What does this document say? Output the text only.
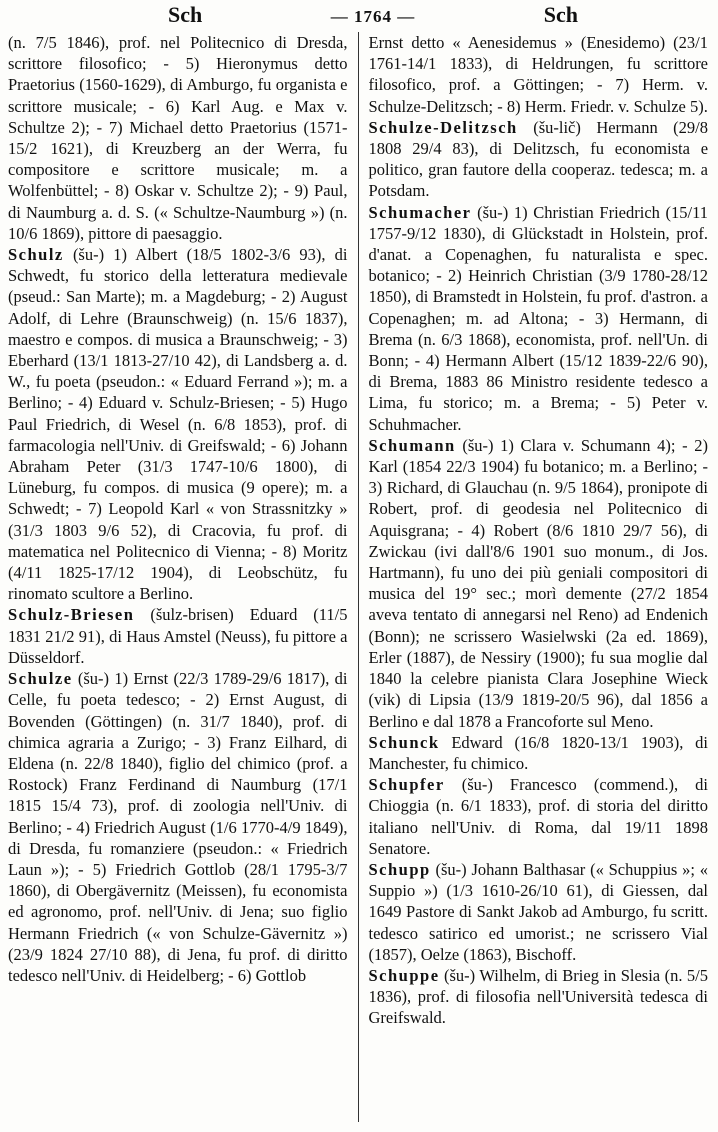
Sch	— 1764 —	Sch

(n. 7/5 1846), prof. nel Politecnico di Dresda, scrittore filosofico; - 5) Hieronymus detto Praetorius (1560-1629), di Amburgo, fu organista e scrittore musicale; - 6) Karl Aug. e Max v. Schultze 2); - 7) Michael detto Praetorius (1571-15/2 1621), di Kreuzberg an der Werra, fu compositore e scrittore musicale; m. a Wolfenbüttel; - 8) Oskar v. Schultze 2); - 9) Paul, di Naumburg a. d. S. (« Schultze-Naumburg ») (n. 10/6 1869), pittore di paesaggio.

Schulz (šu-) 1) Albert (18/5 1802-3/6 93), di Schwedt, fu storico della letteratura medievale (pseud.: San Marte); m. a Magdeburg; - 2) August Adolf, di Lehre (Braunschweig) (n. 15/6 1837), maestro e compos. di musica a Braunschweig; - 3) Eberhard (13/1 1813-27/10 42), di Landsberg a. d. W., fu poeta (pseudon.: « Eduard Ferrand »); m. a Berlino; - 4) Eduard v. Schulz-Briesen; - 5) Hugo Paul Friedrich, di Wesel (n. 6/8 1853), prof. di farmacologia nell'Univ. di Greifswald; - 6) Johann Abraham Peter (31/3 1747-10/6 1800), di Lüneburg, fu compos. di musica (9 opere); m. a Schwedt; - 7) Leopold Karl « von Strassnitzky » (31/3 1803 9/6 52), di Cracovia, fu prof. di matematica nel Politecnico di Vienna; - 8) Moritz (4/11 1825-17/12 1904), di Leobschütz, fu rinomato scultore a Berlino.

Schulz-Briesen (šulz-brisen) Eduard (11/5 1831 21/2 91), di Haus Amstel (Neuss), fu pittore a Düsseldorf.

Schulze (šu-) 1) Ernst (22/3 1789-29/6 1817), di Celle, fu poeta tedesco; - 2) Ernst August, di Bovenden (Göttingen) (n. 31/7 1840), prof. di chimica agraria a Zurigo; - 3) Franz Eilhard, di Eldena (n. 22/8 1840), figlio del chimico (prof. a Rostock) Franz Ferdinand di Naumburg (17/1 1815 15/4 73), prof. di zoologia nell'Univ. di Berlino; - 4) Friedrich August (1/6 1770-4/9 1849), di Dresda, fu romanziere (pseudon.: « Friedrich Laun »); - 5) Friedrich Gottlob (28/1 1795-3/7 1860), di Obergävernitz (Meissen), fu economista ed agronomo, prof. nell'Univ. di Jena; suo figlio Hermann Friedrich (« von Schulze-Gävernitz ») (23/9 1824 27/10 88), di Jena, fu prof. di diritto tedesco nell'Univ. di Heidelberg; - 6) Gottlob

Ernst detto « Aenesidemus » (Enesidemo) (23/1 1761-14/1 1833), di Heldrungen, fu scrittore filosofico, prof. a Göttingen; - 7) Herm. v. Schulze-Delitzsch; - 8) Herm. Friedr. v. Schulze 5).

Schulze-Delitzsch (šu-lič) Hermann (29/8 1808 29/4 83), di Delitzsch, fu economista e politico, gran fautore della cooperaz. tedesca; m. a Potsdam.

Schumacher (šu-) 1) Christian Friedrich (15/11 1757-9/12 1830), di Glückstadt in Holstein, prof. d'anat. a Copenaghen, fu naturalista e spec. botanico; - 2) Heinrich Christian (3/9 1780-28/12 1850), di Bramstedt in Holstein, fu prof. d'astron. a Copenaghen; m. ad Altona; - 3) Hermann, di Brema (n. 6/3 1868), economista, prof. nell'Un. di Bonn; - 4) Hermann Albert (15/12 1839-22/6 90), di Brema, 1883 86 Ministro residente tedesco a Lima, fu storico; m. a Brema; - 5) Peter v. Schuhmacher.

Schumann (šu-) 1) Clara v. Schumann 4); - 2) Karl (1854 22/3 1904) fu botanico; m. a Berlino; - 3) Richard, di Glauchau (n. 9/5 1864), pronipote di Robert, prof. di geodesia nel Politecnico di Aquisgrana; - 4) Robert (8/6 1810 29/7 56), di Zwickau (ivi dall'8/6 1901 suo monum., di Jos. Hartmann), fu uno dei più geniali compositori di musica del 19° sec.; morì demente (27/2 1854 aveva tentato di annegarsi nel Reno) ad Endenich (Bonn); ne scrissero Wasielwski (2a ed. 1869), Erler (1887), de Nessiry (1900); fu sua moglie dal 1840 la celebre pianista Clara Josephine Wieck (vik) di Lipsia (13/9 1819-20/5 96), dal 1856 a Berlino e dal 1878 a Francoforte sul Meno.

Schunck Edward (16/8 1820-13/1 1903), di Manchester, fu chimico.

Schupfer (šu-) Francesco (commend.), di Chioggia (n. 6/1 1833), prof. di storia del diritto italiano nell'Univ. di Roma, dal 19/11 1898 Senatore.

Schupp (šu-) Johann Balthasar (« Schuppius »; « Suppio ») (1/3 1610-26/10 61), di Giessen, dal 1649 Pastore di Sankt Jakob ad Amburgo, fu scritt. tedesco satirico ed umorist.; ne scrissero Vial (1857), Oelze (1863), Bischoff.

Schuppe (šu-) Wilhelm, di Brieg in Slesia (n. 5/5 1836), prof. di filosofia nell'Università tedesca di Greifswald.
